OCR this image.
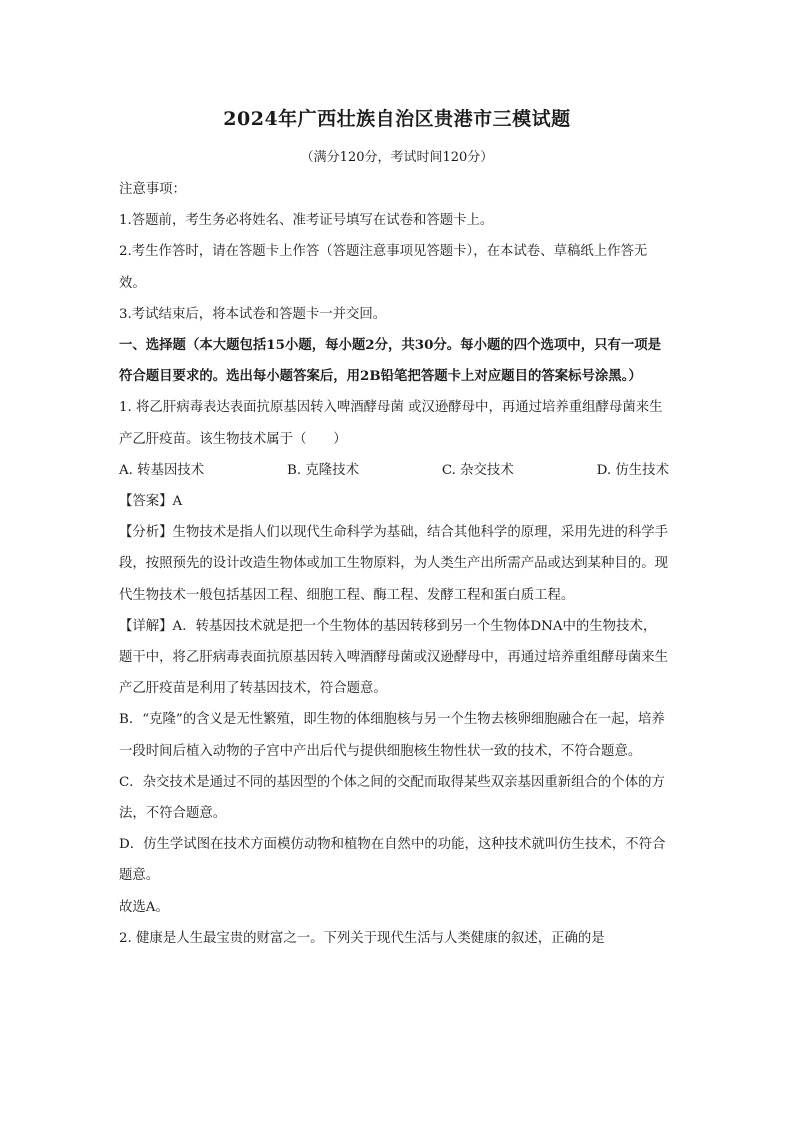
2024年广西壮族自治区贵港市三模试题
（满分120分，考试时间120分）

注意事项：

1.答题前，考生务必将姓名、准考证号填写在试卷和答题卡上。

2.考生作答时，请在答题卡上作答（答题注意事项见答题卡），在本试卷、草稿纸上作答无效。

3.考试结束后，将本试卷和答题卡一并交回。

一、选择题（本大题包括15小题，每小题2分，共30分。每小题的四个选项中，只有一项是符合题目要求的。选出每小题答案后，用2B铅笔把答题卡上对应题目的答案标号涂黑。）

1. 将乙肝病毒表达表面抗原基因转入啤酒酵母菌 或汉逊酵母中，再通过培养重组酵母菌来生产乙肝疫苗。该生物技术属于（　　）

A. 转基因技术	B. 克隆技术	C. 杂交技术	D. 仿生技术

【答案】A

【分析】生物技术是指人们以现代生命科学为基础，结合其他科学的原理，采用先进的科学手段，按照预先的设计改造生物体或加工生物原料，为人类生产出所需产品或达到某种目的。现代生物技术一般包括基因工程、细胞工程、酶工程、发酵工程和蛋白质工程。

【详解】A．转基因技术就是把一个生物体的基因转移到另一个生物体DNA中的生物技术，题干中，将乙肝病毒表面抗原基因转入啤酒酵母菌或汉逊酵母中，再通过培养重组酵母菌来生产乙肝疫苗是利用了转基因技术，符合题意。

B．“克隆”的含义是无性繁殖，即生物的体细胞核与另一个生物去核卵细胞融合在一起，培养一段时间后植入动物的子宫中产出后代与提供细胞核生物性状一致的技术，不符合题意。

C．杂交技术是通过不同的基因型的个体之间的交配而取得某些双亲基因重新组合的个体的方法，不符合题意。

D．仿生学试图在技术方面模仿动物和植物在自然中的功能，这种技术就叫仿生技术，不符合题意。

故选A。

2. 健康是人生最宝贵的财富之一。下列关于现代生活与人类健康的叙述，正确的是
